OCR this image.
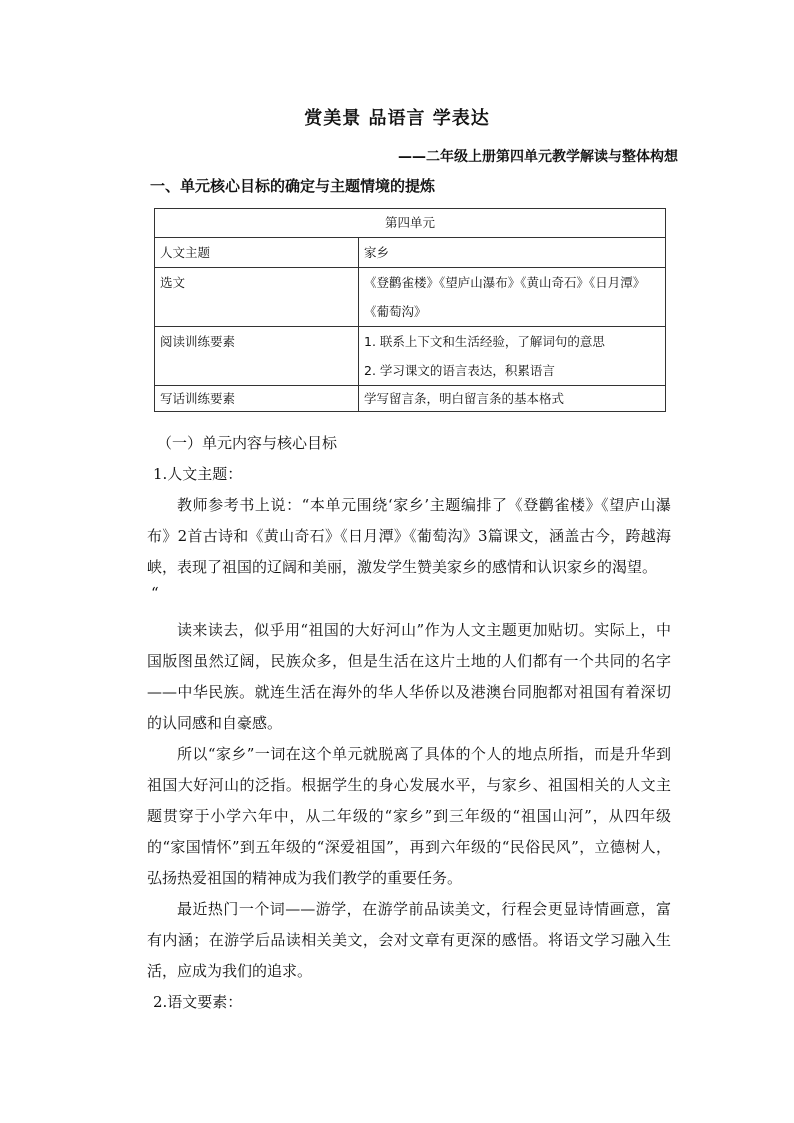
赏美景 品语言 学表达
——二年级上册第四单元教学解读与整体构想
一、单元核心目标的确定与主题情境的提炼
第四单元	
人文主题	家乡
选文	《登鹳雀楼》《望庐山瀑布》《黄山奇石》《日月潭》
《葡萄沟》

阅读训练要素	1. 联系上下文和生活经验，了解词句的意思
2. 学习课文的语言表达，积累语言

写话训练要素	学写留言条，明白留言条的基本格式

（一）单元内容与核心目标

1.人文主题：

教师参考书上说：“本单元围绕‘家乡’主题编排了《登鹳雀楼》《望庐山瀑布》2首古诗和《黄山奇石》《日月潭》《葡萄沟》3篇课文，涵盖古今，跨越海峡，表现了祖国的辽阔和美丽，激发学生赞美家乡的感情和认识家乡的渴望。

“

读来读去，似乎用“祖国的大好河山”作为人文主题更加贴切。实际上，中国版图虽然辽阔，民族众多，但是生活在这片土地的人们都有一个共同的名字——中华民族。就连生活在海外的华人华侨以及港澳台同胞都对祖国有着深切的认同感和自豪感。

所以“家乡”一词在这个单元就脱离了具体的个人的地点所指，而是升华到祖国大好河山的泛指。根据学生的身心发展水平，与家乡、祖国相关的人文主题贯穿于小学六年中，从二年级的“家乡”到三年级的“祖国山河”，从四年级的“家国情怀”到五年级的“深爱祖国”，再到六年级的“民俗民风”，立德树人，弘扬热爱祖国的精神成为我们教学的重要任务。

最近热门一个词——游学，在游学前品读美文，行程会更显诗情画意，富有内涵；在游学后品读相关美文，会对文章有更深的感悟。将语文学习融入生活，应成为我们的追求。

2.语文要素：
